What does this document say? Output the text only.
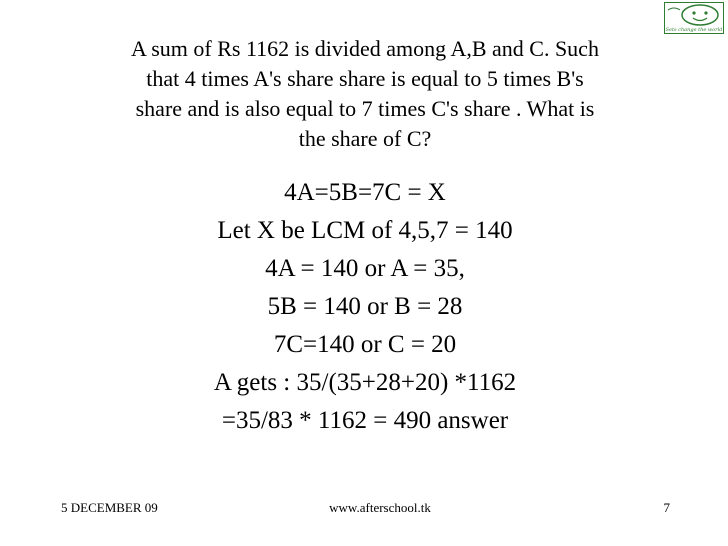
Sets change the world
A sum of Rs 1162 is divided among A,B and C. Such
that 4 times A's share share is equal to 5 times B's
share and is also equal to 7 times C's share . What is
the share of C?
4A=5B=7C = X
Let X be LCM of 4,5,7 = 140
4A = 140 or A = 35,
5B = 140 or B = 28
7C=140 or C = 20
A gets : 35/(35+28+20) *1162
=35/83 * 1162 = 490 answer
5 DECEMBER 09	www.afterschool.tk	7
